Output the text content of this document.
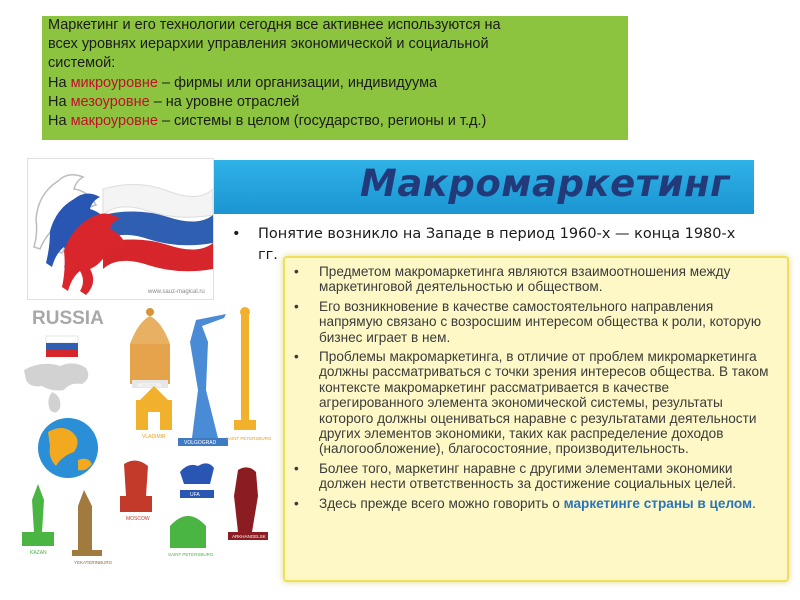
Маркетинг и его технологии сегодня все активнее используются на

всех уровнях иерархии управления экономической и социальной

системой:

На микроуровне – фирмы или организации, индивидуума

На мезоуровне – на уровне отраслей

На макроуровне – системы в целом (государство, регионы и т.д.)

Макромаркетинг
www.sauz-magical.ru
•	Понятие возникло на Западе в период 1960-х — конца 1980-х гг.
• Предметом макромаркетинга являются взаимоотношения между маркетинговой деятельностью и обществом.
• Его возникновение в качестве самостоятельного направления напрямую связано с возросшим интересом общества к роли, которую бизнес играет в нем.
• Проблемы макромаркетинга, в отличие от проблем микромаркетинга должны рассматриваться с точки зрения интересов общества. В таком контексте макромаркетинг рассматривается в качестве агрегированного элемента экономической системы, результаты которого должны оцениваться наравне с результатами деятельности других элементов экономики, таких как распределение доходов (налогообложение), благосостояние, производительность.
• Более того, маркетинг наравне с другими элементами экономики должен нести ответственность за достижение социальных целей.
• Здесь прежде всего можно говорить о маркетинге страны в целом.
RUSSIA
MOSCOW
VOLGOGRAD
SAINT PETERSBURG
VLADIMIR
UFA
KAZAN
YEKATERINBURG
MOSCOW
SAINT PETERSBURG
ARKHANGELSK
